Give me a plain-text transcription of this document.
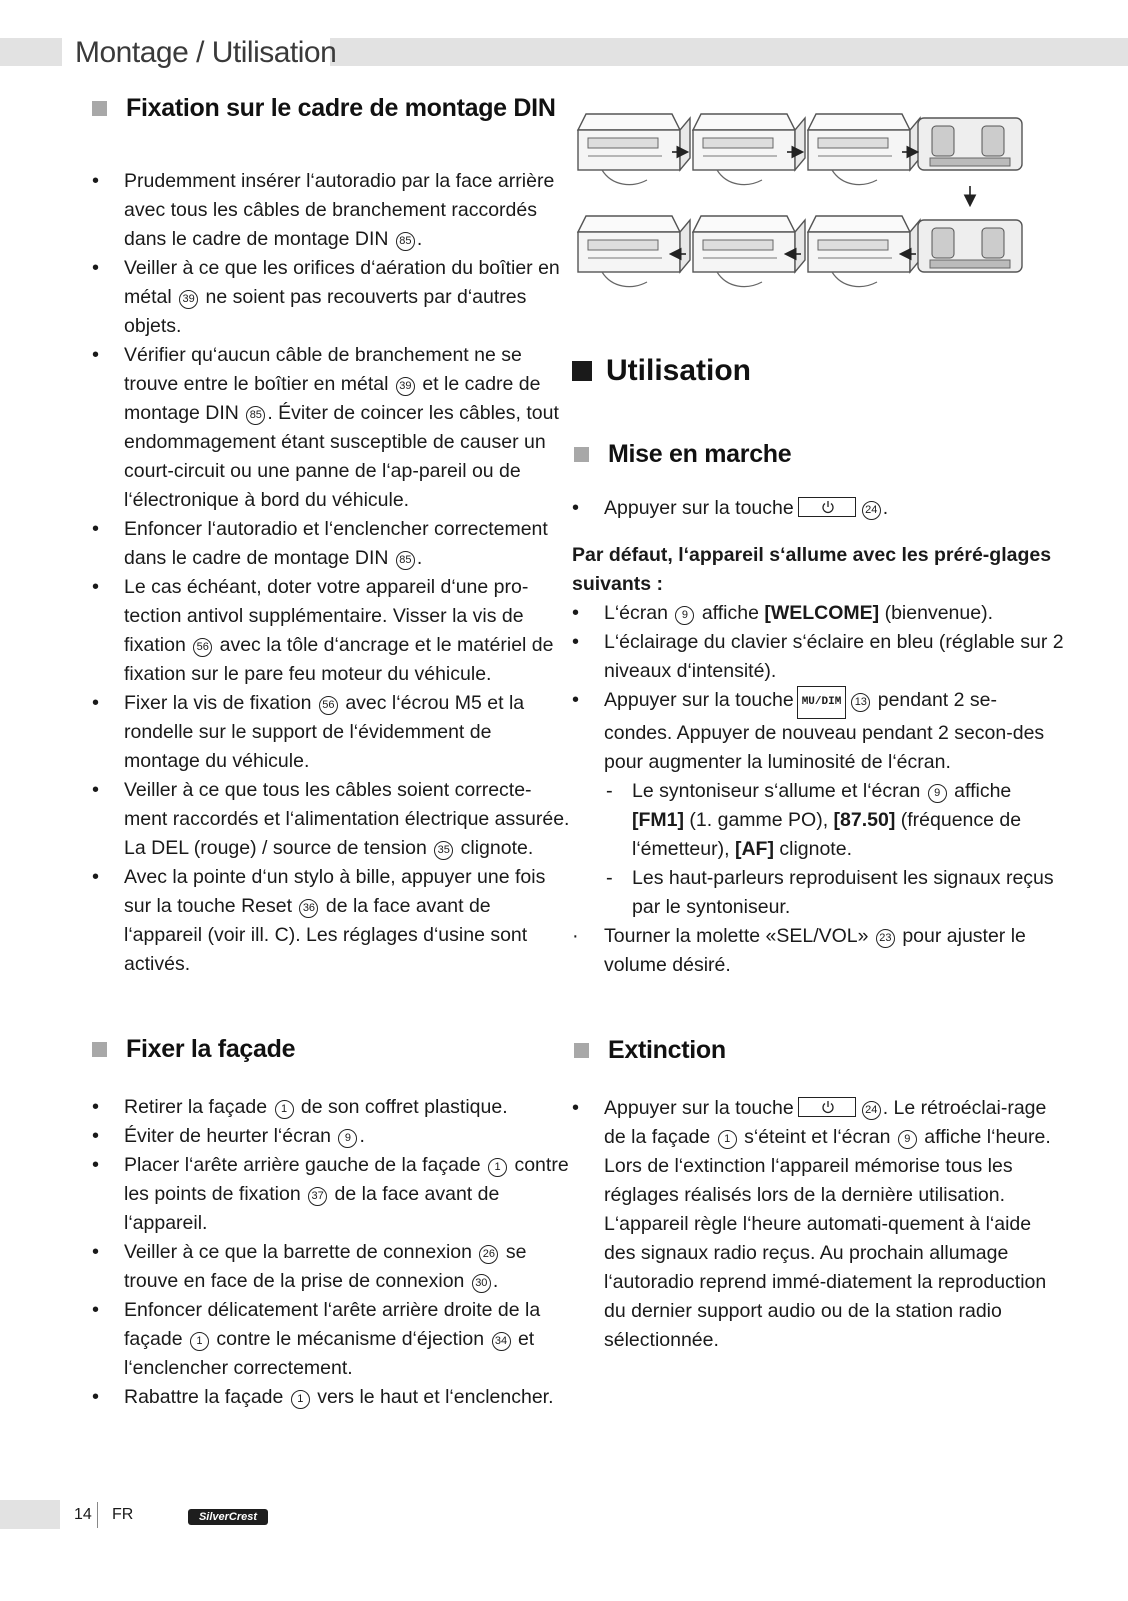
Montage / Utilisation
Fixation sur le cadre de montage DIN
• Prudemment insérer l‘autoradio par la face arrière avec tous les câbles de branchement raccordés dans le cadre de montage DIN 85 .
• Veiller à ce que les orifices d‘aération du boîtier en métal 39 ne soient pas recouverts par d‘autres objets.
• Vérifier qu‘aucun câble de branchement ne se trouve entre le boîtier en métal 39 et le cadre de montage DIN 85 . Éviter de coincer les câbles, tout endommagement étant susceptible de causer un court-circuit ou une panne de l‘ap-pareil ou de l‘électronique à bord du véhicule.
• Enfoncer l‘autoradio et l‘enclencher correctement dans le cadre de montage DIN 85 .
• Le cas échéant, doter votre appareil d‘une pro-tection antivol supplémentaire. Visser la vis de fixation 56 avec la tôle d‘ancrage et le matériel de fixation sur le pare feu moteur du véhicule.
• Fixer la vis de fixation 56 avec l‘écrou M5 et la rondelle sur le support de l‘évidemment de montage du véhicule.
• Veiller à ce que tous les câbles soient correcte-ment raccordés et l‘alimentation électrique assurée. La DEL (rouge) / source de tension 35 clignote.
• Avec la pointe d‘un stylo à bille, appuyer une fois sur la touche Reset 36 de la face avant de l‘appareil (voir ill. C). Les réglages d‘usine sont activés.
Fixer la façade
• Retirer la façade 1 de son coffret plastique.
• Éviter de heurter l‘écran 9 .
• Placer l‘arête arrière gauche de la façade 1 contre les points de fixation 37 de la face avant de l‘appareil.
• Veiller à ce que la barrette de connexion 26 se trouve en face de la prise de connexion 30 .
• Enfoncer délicatement l‘arête arrière droite de la façade 1 contre le mécanisme d‘éjection 34 et l‘enclencher correctement.
• Rabattre la façade 1 vers le haut et l‘enclencher.
Utilisation
Mise en marche
• Appuyer sur la touche	24 .

Par défaut, l‘appareil s‘allume avec les préré-glages suivants :

• L‘écran 9 affiche [WELCOME] (bienvenue).
• L‘éclairage du clavier s‘éclaire en bleu (réglable sur 2 niveaux d‘intensité).
• Appuyer sur la touche MU/DIM 13 pendant 2 se-condes. Appuyer de nouveau pendant 2 secon-des pour augmenter la luminosité de l‘écran.
- Le syntoniseur s‘allume et l‘écran 9 affiche [FM1] (1. gamme PO), [87.50] (fréquence de l‘émetteur), [AF] clignote.
- Les haut-parleurs reproduisent les signaux reçus par le syntoniseur.
· Tourner la molette «SEL/VOL» 23 pour ajuster le volume désiré.
Extinction
• Appuyer sur la touche	24 . Le rétroéclai-rage de la façade 1 s‘éteint et l‘écran 9 affiche l‘heure. Lors de l‘extinction l‘appareil mémorise tous les réglages réalisés lors de la dernière utilisation. L‘appareil règle l‘heure automati-quement à l‘aide des signaux radio reçus. Au prochain allumage l‘autoradio reprend immé-diatement la reproduction du dernier support audio ou de la station radio sélectionnée.
14 FR	SilverCrest
